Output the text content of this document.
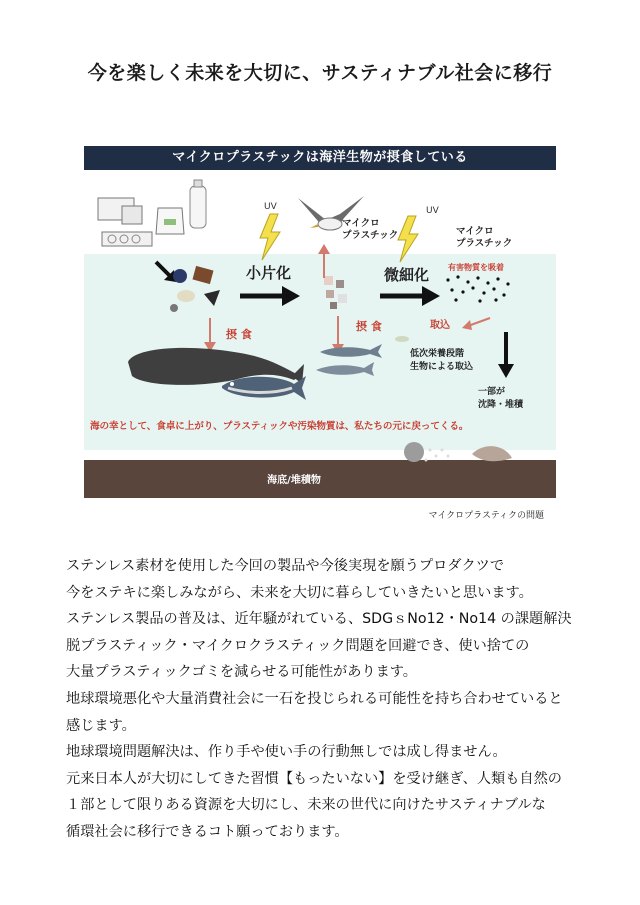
今を楽しく未来を大切に、サスティナブル社会に移行
マイクロプラスチックは海洋生物が摂食している
UV	UV
マイクロ
プラスチック	マイクロ
プラスチック
有害物質を吸着
小片化	微細化
摂 食
摂 食	取込
低次栄養段階
生物による取込
一部が
沈降・堆積
海の幸として、食卓に上がり、プラスティックや汚染物質は、私たちの元に戻ってくる。
海底/堆積物
マイクロプラスティクの問題

ステンレス素材を使用した今回の製品や今後実現を願うプロダクツで

今をステキに楽しみながら、未来を大切に暮らしていきたいと思います。

ステンレス製品の普及は、近年騒がれている、SDGｓNo12・No14 の課題解決

脱プラスティック・マイクロクラスティック問題を回避でき、使い捨ての

大量プラスティックゴミを減らせる可能性があります。

地球環境悪化や大量消費社会に一石を投じられる可能性を持ち合わせていると

感じます。

地球環境問題解決は、作り手や使い手の行動無しでは成し得ません。

元来日本人が大切にしてきた習慣【もったいない】を受け継ぎ、人類も自然の

１部として限りある資源を大切にし、未来の世代に向けたサスティナブルな

循環社会に移行できるコト願っております。
